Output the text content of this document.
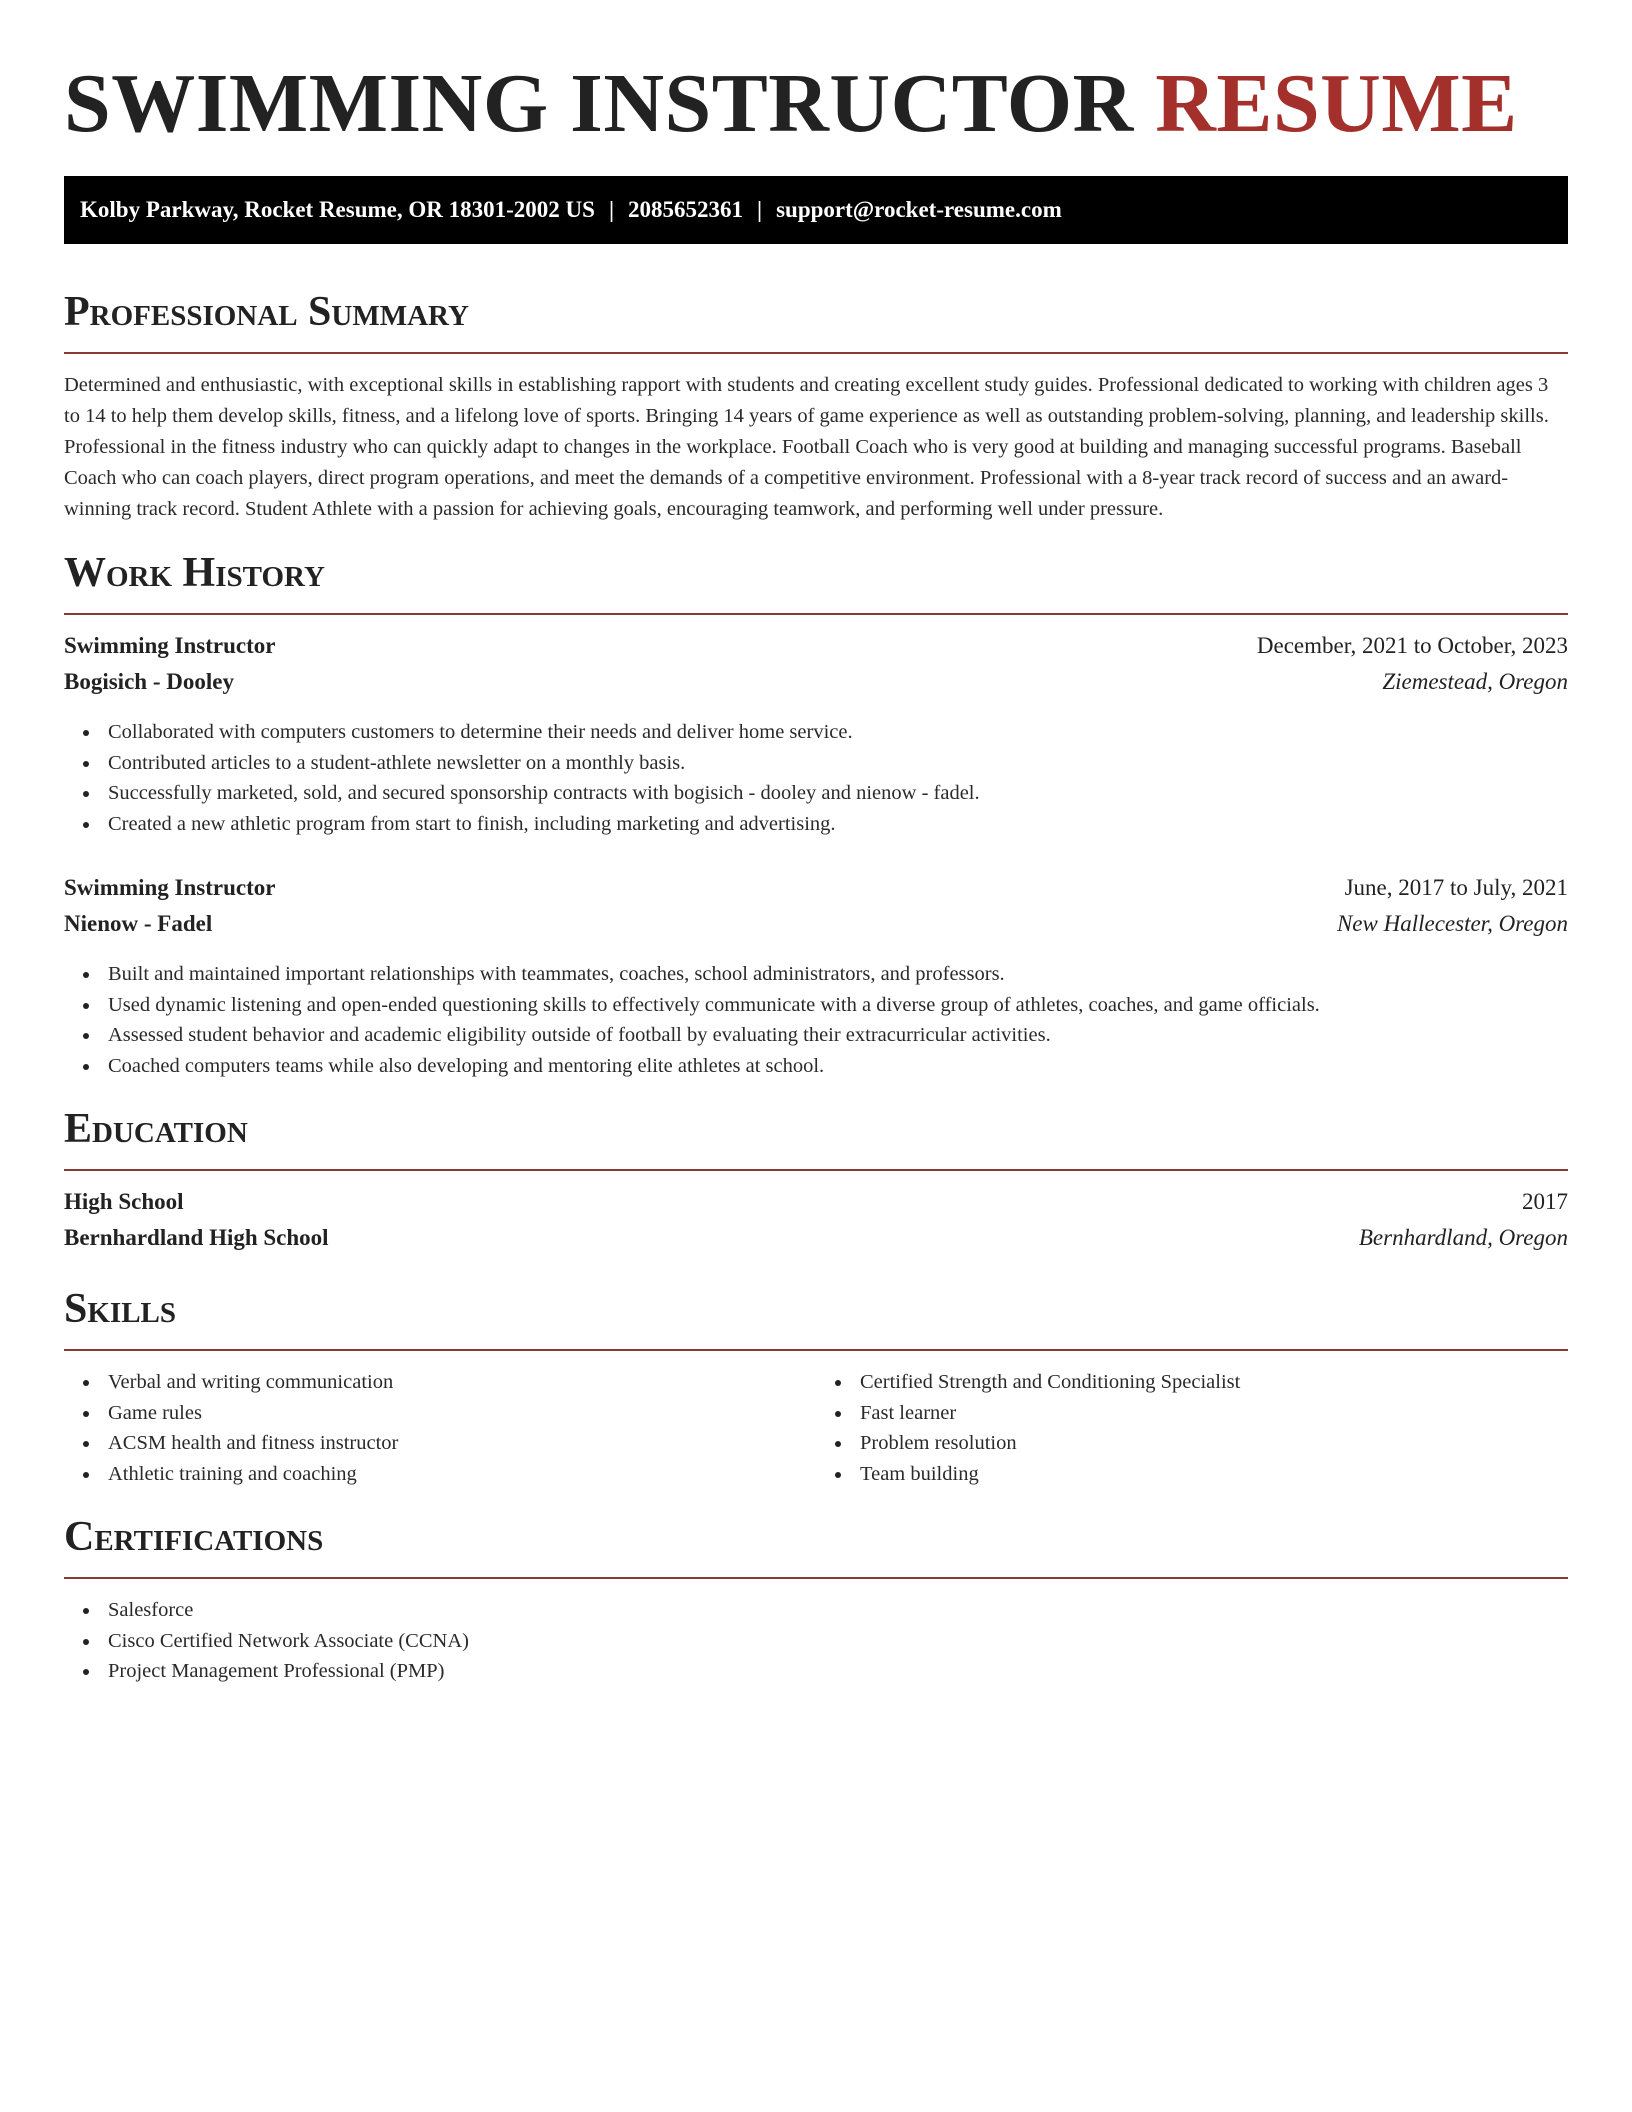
SWIMMING INSTRUCTOR RESUME
Kolby Parkway, Rocket Resume, OR 18301-2002 US | 2085652361 | support@rocket-resume.com
Professional Summary

Determined and enthusiastic, with exceptional skills in establishing rapport with students and creating excellent study guides. Professional dedicated to working with children ages 3 to 14 to help them develop skills, fitness, and a lifelong love of sports. Bringing 14 years of game experience as well as outstanding problem-solving, planning, and leadership skills. Professional in the fitness industry who can quickly adapt to changes in the workplace. Football Coach who is very good at building and managing successful programs. Baseball Coach who can coach players, direct program operations, and meet the demands of a competitive environment. Professional with a 8-year track record of success and an award-winning track record. Student Athlete with a passion for achieving goals, encouraging teamwork, and performing well under pressure.

Work History
Swimming Instructor	December, 2021 to October, 2023
Bogisich - Dooley	Ziemestead, Oregon
Collaborated with computers customers to determine their needs and deliver home service.
Contributed articles to a student-athlete newsletter on a monthly basis.
Successfully marketed, sold, and secured sponsorship contracts with bogisich - dooley and nienow - fadel.
Created a new athletic program from start to finish, including marketing and advertising.
Swimming Instructor	June, 2017 to July, 2021
Nienow - Fadel	New Hallecester, Oregon
Built and maintained important relationships with teammates, coaches, school administrators, and professors.
Used dynamic listening and open-ended questioning skills to effectively communicate with a diverse group of athletes, coaches, and game officials.
Assessed student behavior and academic eligibility outside of football by evaluating their extracurricular activities.
Coached computers teams while also developing and mentoring elite athletes at school.
Education
High School	2017
Bernhardland High School	Bernhardland, Oregon
Skills
Verbal and writing communication
Game rules
ACSM health and fitness instructor
Athletic training and coaching
Certified Strength and Conditioning Specialist
Fast learner
Problem resolution
Team building
Certifications
Salesforce
Cisco Certified Network Associate (CCNA)
Project Management Professional (PMP)
